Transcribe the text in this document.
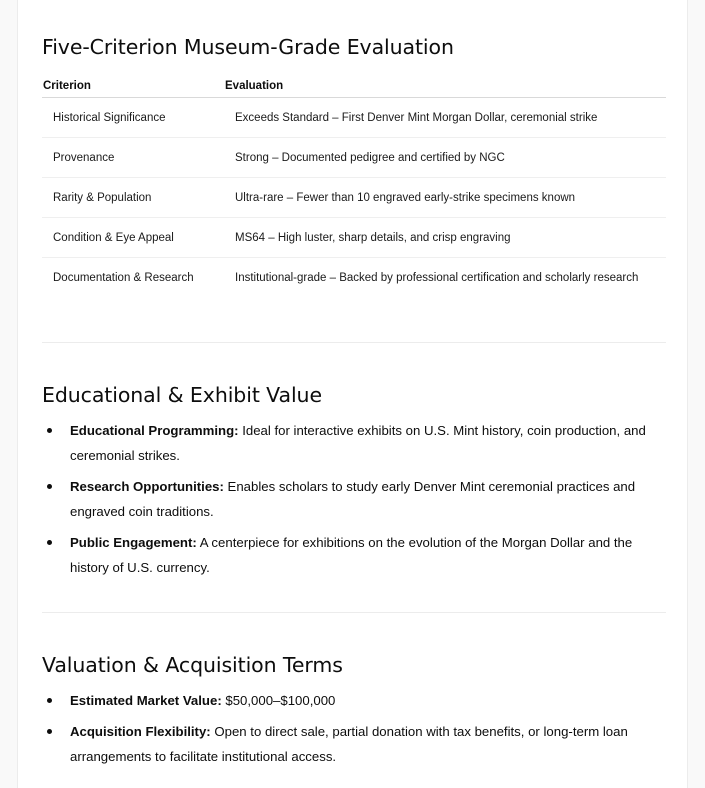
Five-Criterion Museum-Grade Evaluation
Criterion	Evaluation
Historical Significance	Exceeds Standard – First Denver Mint Morgan Dollar, ceremonial strike
Provenance	Strong – Documented pedigree and certified by NGC
Rarity & Population	Ultra-rare – Fewer than 10 engraved early-strike specimens known
Condition & Eye Appeal	MS64 – High luster, sharp details, and crisp engraving
Documentation & Research	Institutional-grade – Backed by professional certification and scholarly research
Educational & Exhibit Value
Educational Programming: Ideal for interactive exhibits on U.S. Mint history, coin production, and ceremonial strikes.
Research Opportunities: Enables scholars to study early Denver Mint ceremonial practices and engraved coin traditions.
Public Engagement: A centerpiece for exhibitions on the evolution of the Morgan Dollar and the history of U.S. currency.
Valuation & Acquisition Terms
Estimated Market Value: $50,000–$100,000
Acquisition Flexibility: Open to direct sale, partial donation with tax benefits, or long-term loan arrangements to facilitate institutional access.
